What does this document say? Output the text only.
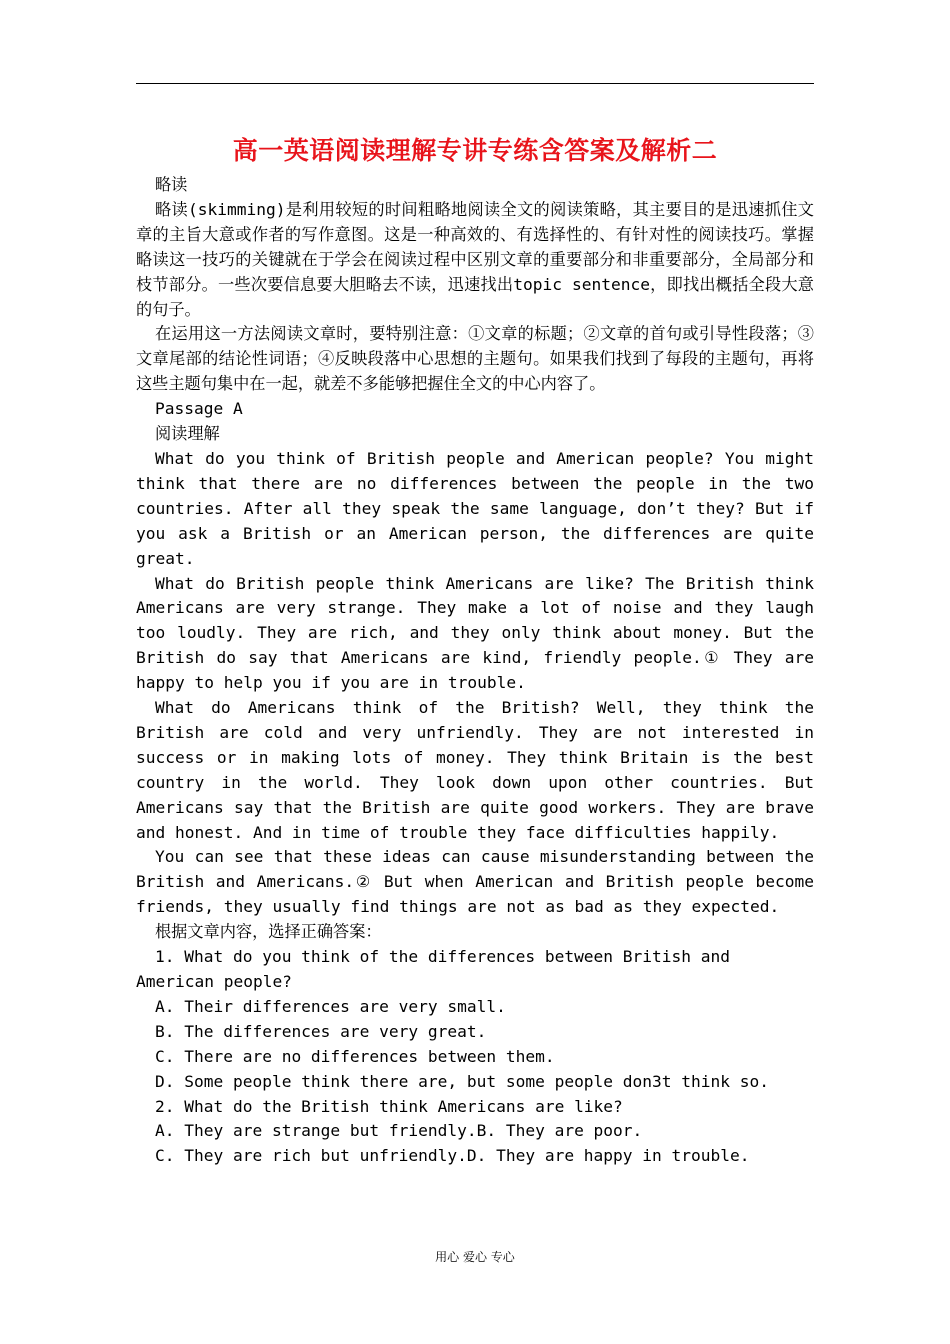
高一英语阅读理解专讲专练含答案及解析二

略读

略读(skimming)是利用较短的时间粗略地阅读全文的阅读策略，其主要目的是迅速抓住文章的主旨大意或作者的写作意图。这是一种高效的、有选择性的、有针对性的阅读技巧。掌握略读这一技巧的关键就在于学会在阅读过程中区别文章的重要部分和非重要部分，全局部分和枝节部分。一些次要信息要大胆略去不读，迅速找出topic sentence，即找出概括全段大意的句子。

在运用这一方法阅读文章时，要特别注意：①文章的标题；②文章的首句或引导性段落；③文章尾部的结论性词语；④反映段落中心思想的主题句。如果我们找到了每段的主题句，再将这些主题句集中在一起，就差不多能够把握住全文的中心内容了。

Passage A

阅读理解

What do you think of British people and American people? You might think that there are no differences between the people in the two countries. After all they speak the same language, don’t they? But if you ask a British or an American person, the differences are quite great.

What do British people think Americans are like? The British think Americans are very strange. They make a lot of noise and they laugh too loudly. They are rich, and they only think about money. But the British do say that Americans are kind, friendly people.① They are happy to help you if you are in trouble.

What do Americans think of the British? Well, they think the British are cold and very unfriendly. They are not interested in success or in making lots of money. They think Britain is the best country in the world. They look down upon other countries. But Americans say that the British are quite good workers. They are brave and honest. And in time of trouble they face difficulties happily.

You can see that these ideas can cause misunderstanding between the British and Americans.② But when American and British people become friends, they usually find things are not as bad as they expected.

根据文章内容，选择正确答案：

1. What do you think of the differences between British and American people?

A. Their differences are very small.

B. The differences are very great.

C. There are no differences between them.

D. Some people think there are, but some people don3t think so.

2. What do the British think Americans are like?

A. They are strange but friendly.B. They are poor.

C. They are rich but unfriendly.D. They are happy in trouble.

用心 爱心 专心
